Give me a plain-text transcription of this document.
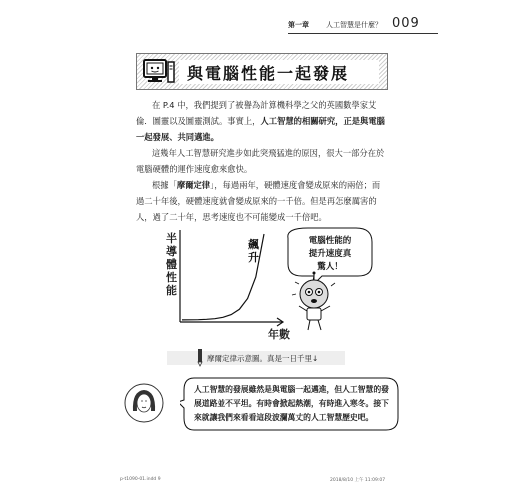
第一章 人工智慧是什麼？ 009
與電腦性能一起發展
在 P.4 中，我們提到了被譽為計算機科學之父的英國數學家艾倫．圖靈以及圖靈測試。事實上，人工智慧的相關研究，正是與電腦一起發展、共同邁進。
這幾年人工智慧研究進步如此突飛猛進的原因，很大一部分在於電腦硬體的運作速度愈來愈快。
根據「摩爾定律」，每過兩年，硬體速度會變成原來的兩倍；而過二十年後，硬體速度就會變成原來的一千倍。但是再怎麼厲害的人，過了二十年，思考速度也不可能變成一千倍吧。
半導體性能
飆升
年數
電腦性能的
提升速度真
驚人！
摩爾定律示意圖。真是一日千里↓
人工智慧的發展雖然是與電腦一起邁進，但人工智慧的發展道路並不平坦。有時會掀起熱潮，有時進入寒冬。接下來就讓我們來看看這段波瀾萬丈的人工智慧歷史吧。
p-t1090-01.indd 9	2018/8/10 上午 11:09:07
